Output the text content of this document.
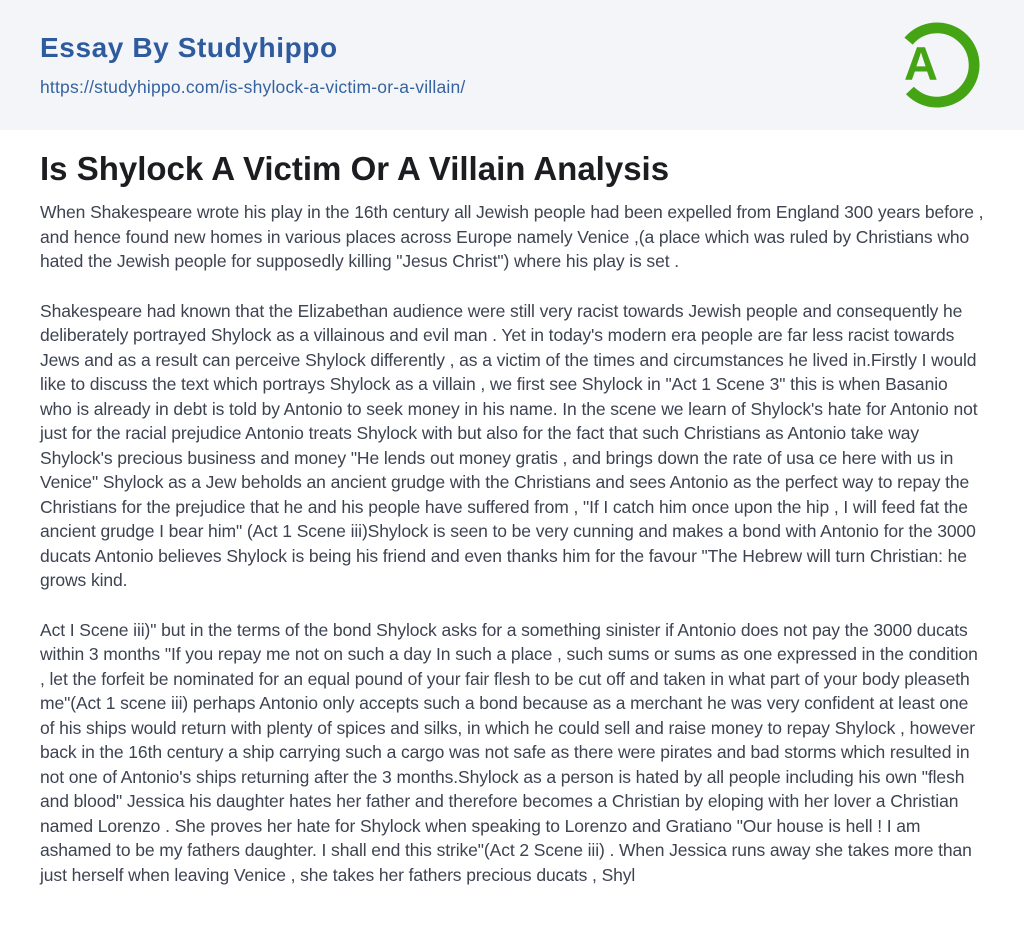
Essay By Studyhippo
https://studyhippo.com/is-shylock-a-victim-or-a-villain/	A
Is Shylock A Victim Or A Villain Analysis

When Shakespeare wrote his play in the 16th century all Jewish people had been expelled from England 300 years before , and hence found new homes in various places across Europe namely Venice ,(a place which was ruled by Christians who hated the Jewish people for supposedly killing "Jesus Christ") where his play is set .

Shakespeare had known that the Elizabethan audience were still very racist towards Jewish people and consequently he deliberately portrayed Shylock as a villainous and evil man . Yet in today's modern era people are far less racist towards Jews and as a result can perceive Shylock differently , as a victim of the times and circumstances he lived in.Firstly I would like to discuss the text which portrays Shylock as a villain , we first see Shylock in "Act 1 Scene 3" this is when Basanio who is already in debt is told by Antonio to seek money in his name. In the scene we learn of Shylock's hate for Antonio not just for the racial prejudice Antonio treats Shylock with but also for the fact that such Christians as Antonio take way Shylock's precious business and money "He lends out money gratis , and brings down the rate of usa ce here with us in Venice" Shylock as a Jew beholds an ancient grudge with the Christians and sees Antonio as the perfect way to repay the Christians for the prejudice that he and his people have suffered from , "If I catch him once upon the hip , I will feed fat the ancient grudge I bear him" (Act 1 Scene iii)Shylock is seen to be very cunning and makes a bond with Antonio for the 3000 ducats Antonio believes Shylock is being his friend and even thanks him for the favour "The Hebrew will turn Christian: he grows kind.

Act I Scene iii)" but in the terms of the bond Shylock asks for a something sinister if Antonio does not pay the 3000 ducats within 3 months "If you repay me not on such a day In such a place , such sums or sums as one expressed in the condition , let the forfeit be nominated for an equal pound of your fair flesh to be cut off and taken in what part of your body pleaseth me"(Act 1 scene iii) perhaps Antonio only accepts such a bond because as a merchant he was very confident at least one of his ships would return with plenty of spices and silks, in which he could sell and raise money to repay Shylock , however back in the 16th century a ship carrying such a cargo was not safe as there were pirates and bad storms which resulted in not one of Antonio's ships returning after the 3 months.Shylock as a person is hated by all people including his own "flesh and blood" Jessica his daughter hates her father and therefore becomes a Christian by eloping with her lover a Christian named Lorenzo . She proves her hate for Shylock when speaking to Lorenzo and Gratiano "Our house is hell ! I am ashamed to be my fathers daughter. I shall end this strike"(Act 2 Scene iii) . When Jessica runs away she takes more than just herself when leaving Venice , she takes her fathers precious ducats , Shyl
